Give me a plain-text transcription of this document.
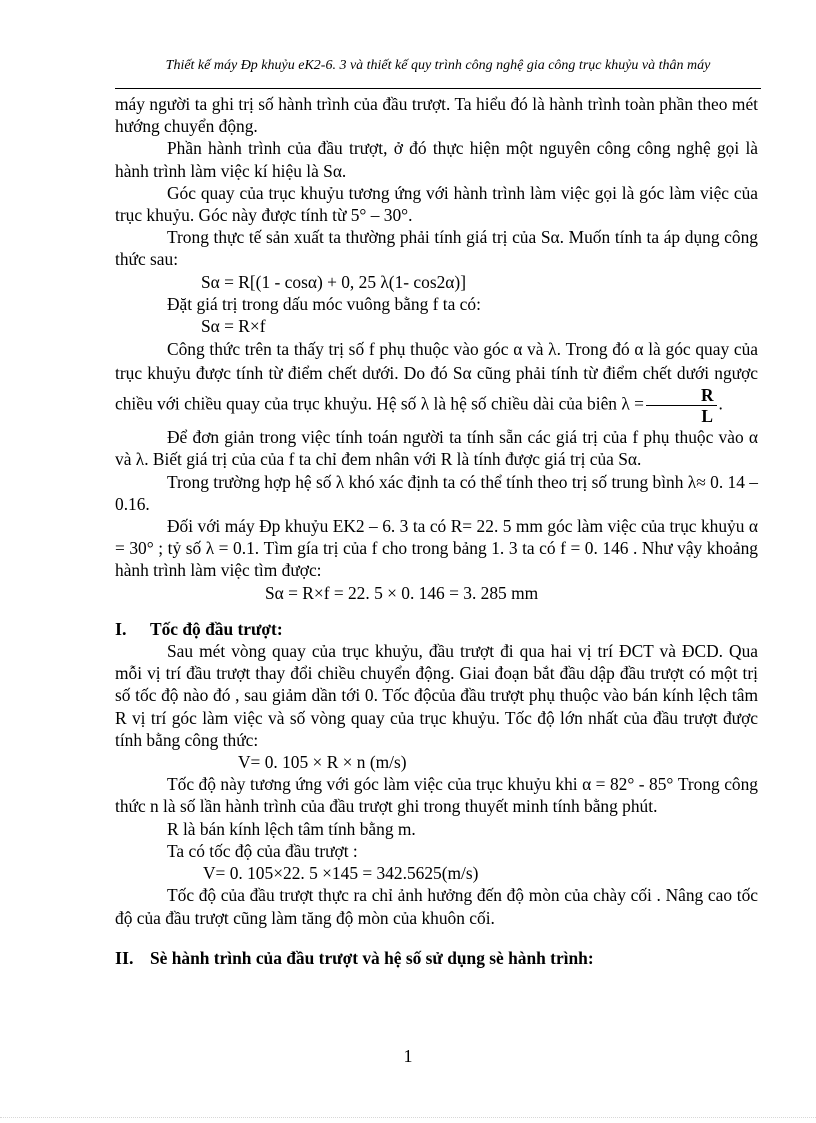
Thiết kế máy Đp khuỷu eK2-6. 3 và thiết kế quy trình công nghệ gia công trục khuỷu và thân máy

máy người ta ghi trị số hành trình của đầu trượt. Ta hiểu đó là hành trình toàn phần theo mét hướng chuyển động.

Phần hành trình của đầu trượt, ở đó thực hiện một nguyên công công nghệ gọi là hành trình làm việc kí hiệu là Sα.

Góc quay của trục khuỷu tương ứng với hành trình làm việc gọi là góc làm việc của trục khuỷu. Góc này được tính từ 5° – 30°.

Trong thực tế sản xuất ta thường phải tính giá trị của Sα. Muốn tính ta áp dụng công thức sau:

Sα = R[(1 - cosα) + 0, 25 λ(1- cos2α)]

Đặt giá trị trong dấu móc vuông bằng f ta có:

Sα = R×f

Công thức trên ta thấy trị số f phụ thuộc vào góc α và λ. Trong đó α là góc quay của trục khuỷu được tính từ điểm chết dưới. Do đó Sα cũng phải tính từ điểm chết dưới ngược chiều với chiều quay của trục khuỷu. Hệ số λ là hệ số chiều dài của biên $\lambda = \frac{R}{L}$ .

Để đơn giản trong việc tính toán người ta tính sẵn các giá trị của f phụ thuộc vào α và λ. Biết giá trị của của f ta chỉ đem nhân với R là tính được giá trị của Sα.

Trong trường hợp hệ số λ khó xác định ta có thể tính theo trị số trung bình λ≈ 0. 14 – 0.16.

Đối với máy Đp khuỷu EK2 – 6. 3 ta có R= 22. 5 mm góc làm việc của trục khuỷu α = 30° ; tỷ số λ = 0.1. Tìm gía trị của f cho trong bảng 1. 3 ta có f = 0. 146 . Như vậy khoảng hành trình làm việc tìm được:

Sα = R×f = 22. 5 × 0. 146 = 3. 285 mm

I.	Tốc độ đầu trượt:

Sau mét vòng quay của trục khuỷu, đầu trượt đi qua hai vị trí ĐCT và ĐCD. Qua mỗi vị trí đầu trượt thay đổi chiều chuyển động. Giai đoạn bắt đầu dập đầu trượt có một trị số tốc độ nào đó , sau giảm dần tới 0. Tốc độcủa đầu trượt phụ thuộc vào bán kính lệch tâm R vị trí góc làm việc và số vòng quay của trục khuỷu. Tốc độ lớn nhất của đầu trượt được tính bằng công thức:

V= 0. 105 × R × n (m/s)

Tốc độ này tương ứng với góc làm việc của trục khuỷu khi α = 82° - 85° Trong công thức n là số lần hành trình của đầu trượt ghi trong thuyết minh tính bằng phút.

R là bán kính lệch tâm tính bằng m.

Ta có tốc độ của đầu trượt :

V= 0. 105×22. 5 ×145 = 342.5625(m/s)

Tốc độ của đầu trượt thực ra chỉ ảnh hưởng đến độ mòn của chày cối . Nâng cao tốc độ của đầu trượt cũng làm tăng độ mòn của khuôn cối.

II. Sè hành trình của đầu trượt và hệ số sử dụng sè hành trình:

1
